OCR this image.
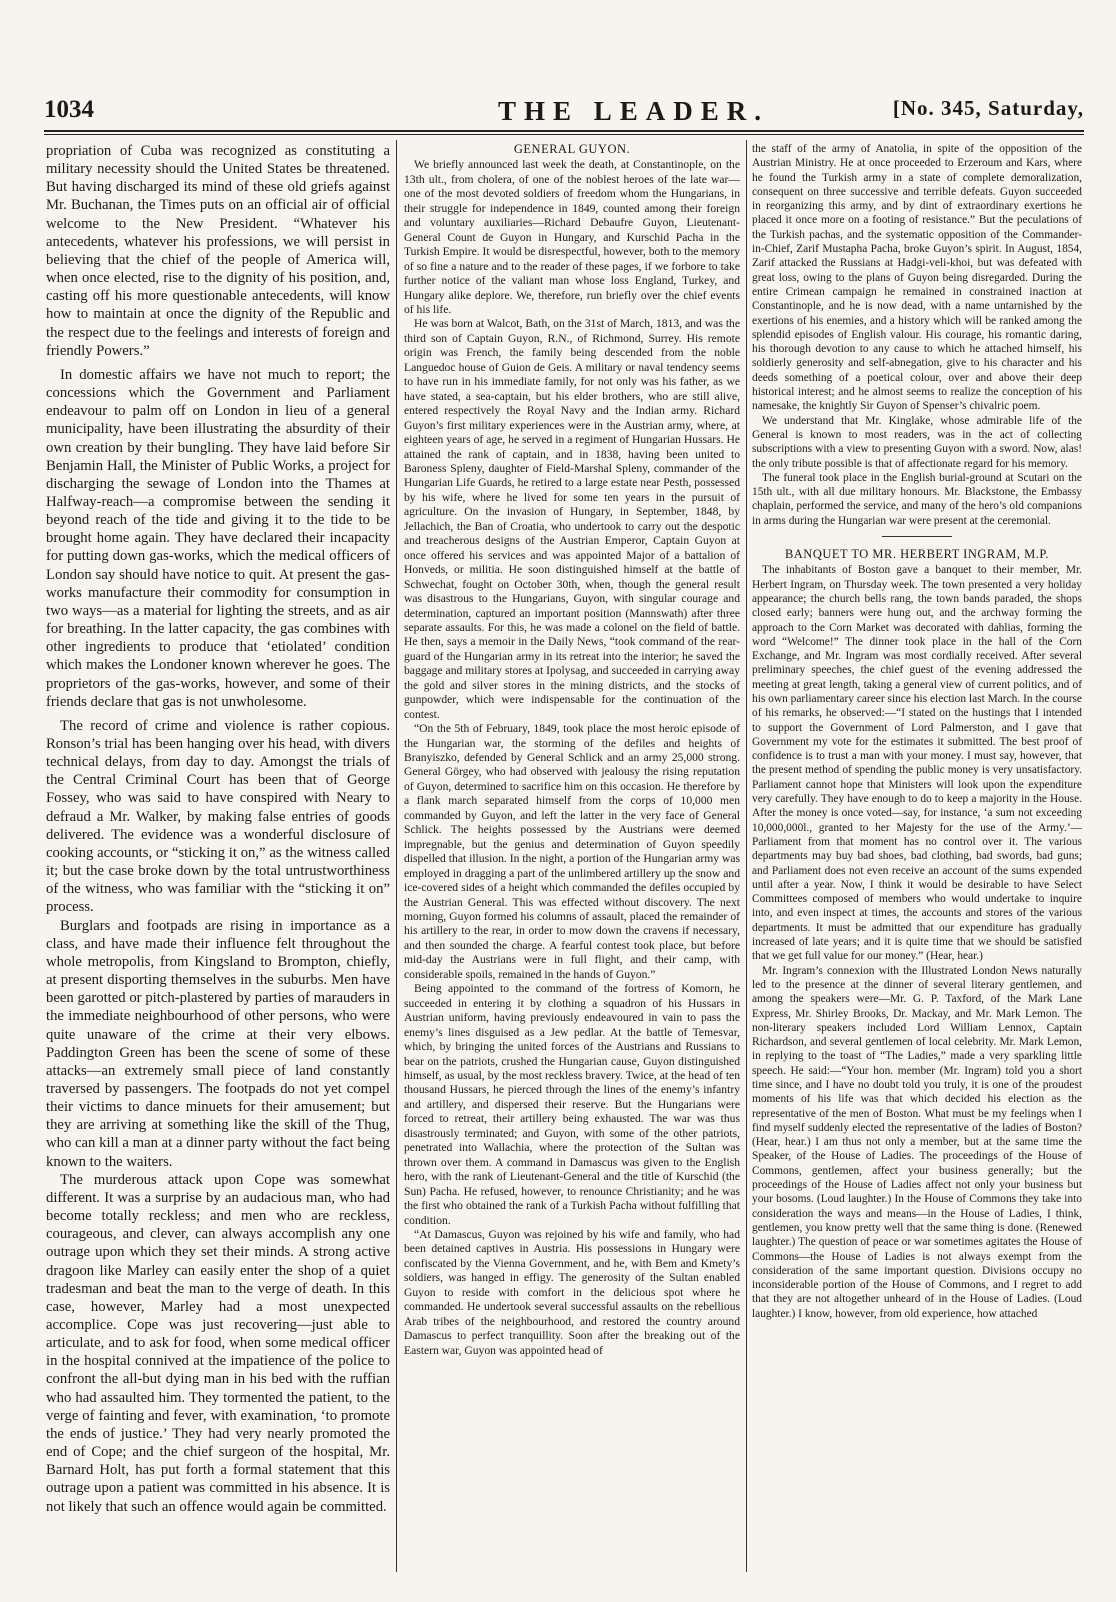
1034	THE LEADER.	[No. 345, Saturday,

propriation of Cuba was recognized as constituting a military necessity should the United States be threatened. But having discharged its mind of these old griefs against Mr. Buchanan, the Times puts on an official air of official welcome to the New President. “Whatever his antecedents, whatever his professions, we will persist in believing that the chief of the people of America will, when once elected, rise to the dignity of his position, and, casting off his more questionable antecedents, will know how to maintain at once the dignity of the Republic and the respect due to the feelings and interests of foreign and friendly Powers.”

In domestic affairs we have not much to report; the concessions which the Government and Parliament endeavour to palm off on London in lieu of a general municipality, have been illustrating the absurdity of their own creation by their bungling. They have laid before Sir Benjamin Hall, the Minister of Public Works, a project for discharging the sewage of London into the Thames at Halfway-reach—a compromise between the sending it beyond reach of the tide and giving it to the tide to be brought home again. They have declared their incapacity for putting down gas-works, which the medical officers of London say should have notice to quit. At present the gas-works manufacture their commodity for consumption in two ways—as a material for lighting the streets, and as air for breathing. In the latter capacity, the gas combines with other ingredients to produce that ‘etiolated’ condition which makes the Londoner known wherever he goes. The proprietors of the gas-works, however, and some of their friends declare that gas is not unwholesome.

The record of crime and violence is rather copious. Ronson’s trial has been hanging over his head, with divers technical delays, from day to day. Amongst the trials of the Central Criminal Court has been that of George Fossey, who was said to have conspired with Neary to defraud a Mr. Walker, by making false entries of goods delivered. The evidence was a wonderful disclosure of cooking accounts, or “sticking it on,” as the witness called it; but the case broke down by the total untrustworthiness of the witness, who was familiar with the “sticking it on” process.

Burglars and footpads are rising in importance as a class, and have made their influence felt throughout the whole metropolis, from Kingsland to Brompton, chiefly, at present disporting themselves in the suburbs. Men have been garotted or pitch-plastered by parties of marauders in the immediate neighbourhood of other persons, who were quite unaware of the crime at their very elbows. Paddington Green has been the scene of some of these attacks—an extremely small piece of land constantly traversed by passengers. The footpads do not yet compel their victims to dance minuets for their amusement; but they are arriving at something like the skill of the Thug, who can kill a man at a dinner party without the fact being known to the waiters.

The murderous attack upon Cope was somewhat different. It was a surprise by an audacious man, who had become totally reckless; and men who are reckless, courageous, and clever, can always accomplish any one outrage upon which they set their minds. A strong active dragoon like Marley can easily enter the shop of a quiet tradesman and beat the man to the verge of death. In this case, however, Marley had a most unexpected accomplice. Cope was just recovering—just able to articulate, and to ask for food, when some medical officer in the hospital connived at the impatience of the police to confront the all-but dying man in his bed with the ruffian who had assaulted him. They tormented the patient, to the verge of fainting and fever, with examination, ‘to promote the ends of justice.’ They had very nearly promoted the end of Cope; and the chief surgeon of the hospital, Mr. Barnard Holt, has put forth a formal statement that this outrage upon a patient was committed in his absence. It is not likely that such an offence would again be committed.

GENERAL GUYON.

We briefly announced last week the death, at Constantinople, on the 13th ult., from cholera, of one of the noblest heroes of the late war—one of the most devoted soldiers of freedom whom the Hungarians, in their struggle for independence in 1849, counted among their foreign and voluntary auxiliaries—Richard Debaufre Guyon, Lieutenant-General Count de Guyon in Hungary, and Kurschid Pacha in the Turkish Empire. It would be disrespectful, however, both to the memory of so fine a nature and to the reader of these pages, if we forbore to take further notice of the valiant man whose loss England, Turkey, and Hungary alike deplore. We, therefore, run briefly over the chief events of his life.

He was born at Walcot, Bath, on the 31st of March, 1813, and was the third son of Captain Guyon, R.N., of Richmond, Surrey. His remote origin was French, the family being descended from the noble Languedoc house of Guion de Geis. A military or naval tendency seems to have run in his immediate family, for not only was his father, as we have stated, a sea-captain, but his elder brothers, who are still alive, entered respectively the Royal Navy and the Indian army. Richard Guyon’s first military experiences were in the Austrian army, where, at eighteen years of age, he served in a regiment of Hungarian Hussars. He attained the rank of captain, and in 1838, having been united to Baroness Spleny, daughter of Field-Marshal Spleny, commander of the Hungarian Life Guards, he retired to a large estate near Pesth, possessed by his wife, where he lived for some ten years in the pursuit of agriculture. On the invasion of Hungary, in September, 1848, by Jellachich, the Ban of Croatia, who undertook to carry out the despotic and treacherous designs of the Austrian Emperor, Captain Guyon at once offered his services and was appointed Major of a battalion of Honveds, or militia. He soon distinguished himself at the battle of Schwechat, fought on October 30th, when, though the general result was disastrous to the Hungarians, Guyon, with singular courage and determination, captured an important position (Mannswath) after three separate assaults. For this, he was made a colonel on the field of battle. He then, says a memoir in the Daily News, “took command of the rear-guard of the Hungarian army in its retreat into the interior; he saved the baggage and military stores at Ipolysag, and succeeded in carrying away the gold and silver stores in the mining districts, and the stocks of gunpowder, which were indispensable for the continuation of the contest.

“On the 5th of February, 1849, took place the most heroic episode of the Hungarian war, the storming of the defiles and heights of Branyiszko, defended by General Schlick and an army 25,000 strong. General Görgey, who had observed with jealousy the rising reputation of Guyon, determined to sacrifice him on this occasion. He therefore by a flank march separated himself from the corps of 10,000 men commanded by Guyon, and left the latter in the very face of General Schlick. The heights possessed by the Austrians were deemed impregnable, but the genius and determination of Guyon speedily dispelled that illusion. In the night, a portion of the Hungarian army was employed in dragging a part of the unlimbered artillery up the snow and ice-covered sides of a height which commanded the defiles occupied by the Austrian General. This was effected without discovery. The next morning, Guyon formed his columns of assault, placed the remainder of his artillery to the rear, in order to mow down the cravens if necessary, and then sounded the charge. A fearful contest took place, but before mid-day the Austrians were in full flight, and their camp, with considerable spoils, remained in the hands of Guyon.”

Being appointed to the command of the fortress of Komorn, he succeeded in entering it by clothing a squadron of his Hussars in Austrian uniform, having previously endeavoured in vain to pass the enemy’s lines disguised as a Jew pedlar. At the battle of Temesvar, which, by bringing the united forces of the Austrians and Russians to bear on the patriots, crushed the Hungarian cause, Guyon distinguished himself, as usual, by the most reckless bravery. Twice, at the head of ten thousand Hussars, he pierced through the lines of the enemy’s infantry and artillery, and dispersed their reserve. But the Hungarians were forced to retreat, their artillery being exhausted. The war was thus disastrously terminated; and Guyon, with some of the other patriots, penetrated into Wallachia, where the protection of the Sultan was thrown over them. A command in Damascus was given to the English hero, with the rank of Lieutenant-General and the title of Kurschid (the Sun) Pacha. He refused, however, to renounce Christianity; and he was the first who obtained the rank of a Turkish Pacha without fulfilling that condition.

“At Damascus, Guyon was rejoined by his wife and family, who had been detained captives in Austria. His possessions in Hungary were confiscated by the Vienna Government, and he, with Bem and Kmety’s soldiers, was hanged in effigy. The generosity of the Sultan enabled Guyon to reside with comfort in the delicious spot where he commanded. He undertook several successful assaults on the rebellious Arab tribes of the neighbourhood, and restored the country around Damascus to perfect tranquillity. Soon after the breaking out of the Eastern war, Guyon was appointed head of

the staff of the army of Anatolia, in spite of the opposition of the Austrian Ministry. He at once proceeded to Erzeroum and Kars, where he found the Turkish army in a state of complete demoralization, consequent on three successive and terrible defeats. Guyon succeeded in reorganizing this army, and by dint of extraordinary exertions he placed it once more on a footing of resistance.” But the peculations of the Turkish pachas, and the systematic opposition of the Commander-in-Chief, Zarif Mustapha Pacha, broke Guyon’s spirit. In August, 1854, Zarif attacked the Russians at Hadgi-veli-khoi, but was defeated with great loss, owing to the plans of Guyon being disregarded. During the entire Crimean campaign he remained in constrained inaction at Constantinople, and he is now dead, with a name untarnished by the exertions of his enemies, and a history which will be ranked among the splendid episodes of English valour. His courage, his romantic daring, his thorough devotion to any cause to which he attached himself, his soldierly generosity and self-abnegation, give to his character and his deeds something of a poetical colour, over and above their deep historical interest; and he almost seems to realize the conception of his namesake, the knightly Sir Guyon of Spenser’s chivalric poem.

We understand that Mr. Kinglake, whose admirable life of the General is known to most readers, was in the act of collecting subscriptions with a view to presenting Guyon with a sword. Now, alas! the only tribute possible is that of affectionate regard for his memory.

The funeral took place in the English burial-ground at Scutari on the 15th ult., with all due military honours. Mr. Blackstone, the Embassy chaplain, performed the service, and many of the hero’s old companions in arms during the Hungarian war were present at the ceremonial.

BANQUET TO MR. HERBERT INGRAM, M.P.

The inhabitants of Boston gave a banquet to their member, Mr. Herbert Ingram, on Thursday week. The town presented a very holiday appearance; the church bells rang, the town bands paraded, the shops closed early; banners were hung out, and the archway forming the approach to the Corn Market was decorated with dahlias, forming the word “Welcome!” The dinner took place in the hall of the Corn Exchange, and Mr. Ingram was most cordially received. After several preliminary speeches, the chief guest of the evening addressed the meeting at great length, taking a general view of current politics, and of his own parliamentary career since his election last March. In the course of his remarks, he observed:—“I stated on the hustings that I intended to support the Government of Lord Palmerston, and I gave that Government my vote for the estimates it submitted. The best proof of confidence is to trust a man with your money. I must say, however, that the present method of spending the public money is very unsatisfactory. Parliament cannot hope that Ministers will look upon the expenditure very carefully. They have enough to do to keep a majority in the House. After the money is once voted—say, for instance, ‘a sum not exceeding 10,000,000l., granted to her Majesty for the use of the Army.’—Parliament from that moment has no control over it. The various departments may buy bad shoes, bad clothing, bad swords, bad guns; and Parliament does not even receive an account of the sums expended until after a year. Now, I think it would be desirable to have Select Committees composed of members who would undertake to inquire into, and even inspect at times, the accounts and stores of the various departments. It must be admitted that our expenditure has gradually increased of late years; and it is quite time that we should be satisfied that we get full value for our money.” (Hear, hear.)

Mr. Ingram’s connexion with the Illustrated London News naturally led to the presence at the dinner of several literary gentlemen, and among the speakers were—Mr. G. P. Taxford, of the Mark Lane Express, Mr. Shirley Brooks, Dr. Mackay, and Mr. Mark Lemon. The non-literary speakers included Lord William Lennox, Captain Richardson, and several gentlemen of local celebrity. Mr. Mark Lemon, in replying to the toast of “The Ladies,” made a very sparkling little speech. He said:—“Your hon. member (Mr. Ingram) told you a short time since, and I have no doubt told you truly, it is one of the proudest moments of his life was that which decided his election as the representative of the men of Boston. What must be my feelings when I find myself suddenly elected the representative of the ladies of Boston? (Hear, hear.) I am thus not only a member, but at the same time the Speaker, of the House of Ladies. The proceedings of the House of Commons, gentlemen, affect your business generally; but the proceedings of the House of Ladies affect not only your business but your bosoms. (Loud laughter.) In the House of Commons they take into consideration the ways and means—in the House of Ladies, I think, gentlemen, you know pretty well that the same thing is done. (Renewed laughter.) The question of peace or war sometimes agitates the House of Commons—the House of Ladies is not always exempt from the consideration of the same important question. Divisions occupy no inconsiderable portion of the House of Commons, and I regret to add that they are not altogether unheard of in the House of Ladies. (Loud laughter.) I know, however, from old experience, how attached
